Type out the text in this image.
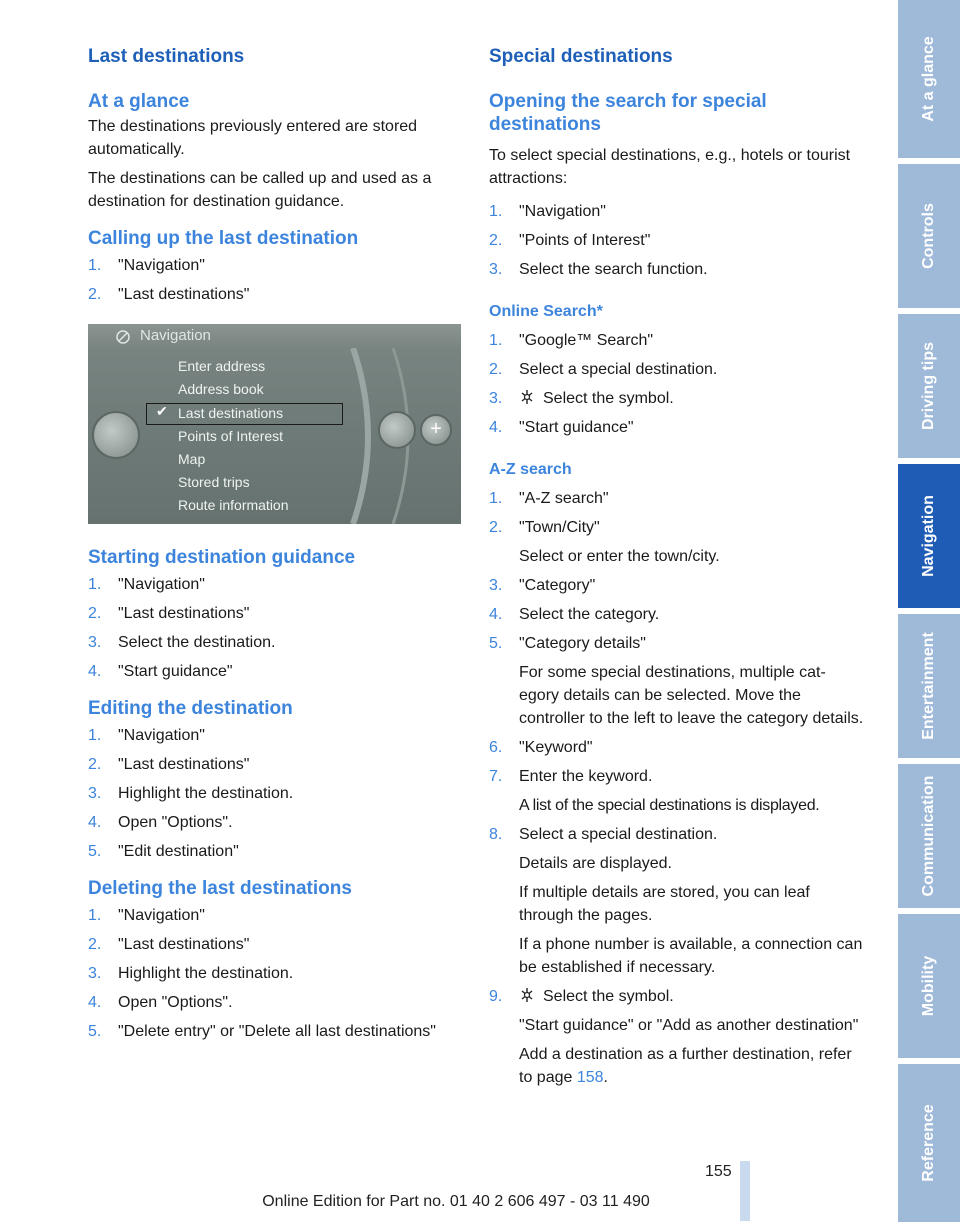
Last destinations
At a glance

The destinations previously entered are stored automatically.

The destinations can be called up and used as a destination for destination guidance.

Calling up the last destination
1. "Navigation"
2. "Last destinations"
Navigation
Enter address
Address book
✔ Last destinations
Points of Interest
Map
Stored trips
Route information
+
Starting destination guidance
1. "Navigation"
2. "Last destinations"
3. Select the destination.
4. "Start guidance"
Editing the destination
1. "Navigation"
2. "Last destinations"
3. Highlight the destination.
4. Open "Options".
5. "Edit destination"
Deleting the last destinations
1. "Navigation"
2. "Last destinations"
3. Highlight the destination.
4. Open "Options".
5. "Delete entry" or "Delete all last destinations"
Special destinations
Opening the search for special destinations

To select special destinations, e.g., hotels or tourist attractions:

1. "Navigation"
2. "Points of Interest"
3. Select the search function.
Online Search*
1. "Google™ Search"
2. Select a special destination.
3.	Select the symbol.
4. "Start guidance"
A-Z search
1. "A-Z search"
2. "Town/City"
Select or enter the town/city.
3. "Category"
4. Select the category.
5. "Category details"
For some special destinations, multiple cat-egory details can be selected. Move the controller to the left to leave the category details.
6. "Keyword"
7. Enter the keyword.
A list of the special destinations is displayed.
8. Select a special destination.
Details are displayed.
If multiple details are stored, you can leaf through the pages.
If a phone number is available, a connection can be established if necessary.
9.	Select the symbol.
"Start guidance" or "Add as another destination"
Add a destination as a further destination, refer to page 158.
155
Online Edition for Part no. 01 40 2 606 497 - 03 11 490
At a glance
Controls
Driving tips
Navigation
Entertainment
Communication
Mobility
Reference
